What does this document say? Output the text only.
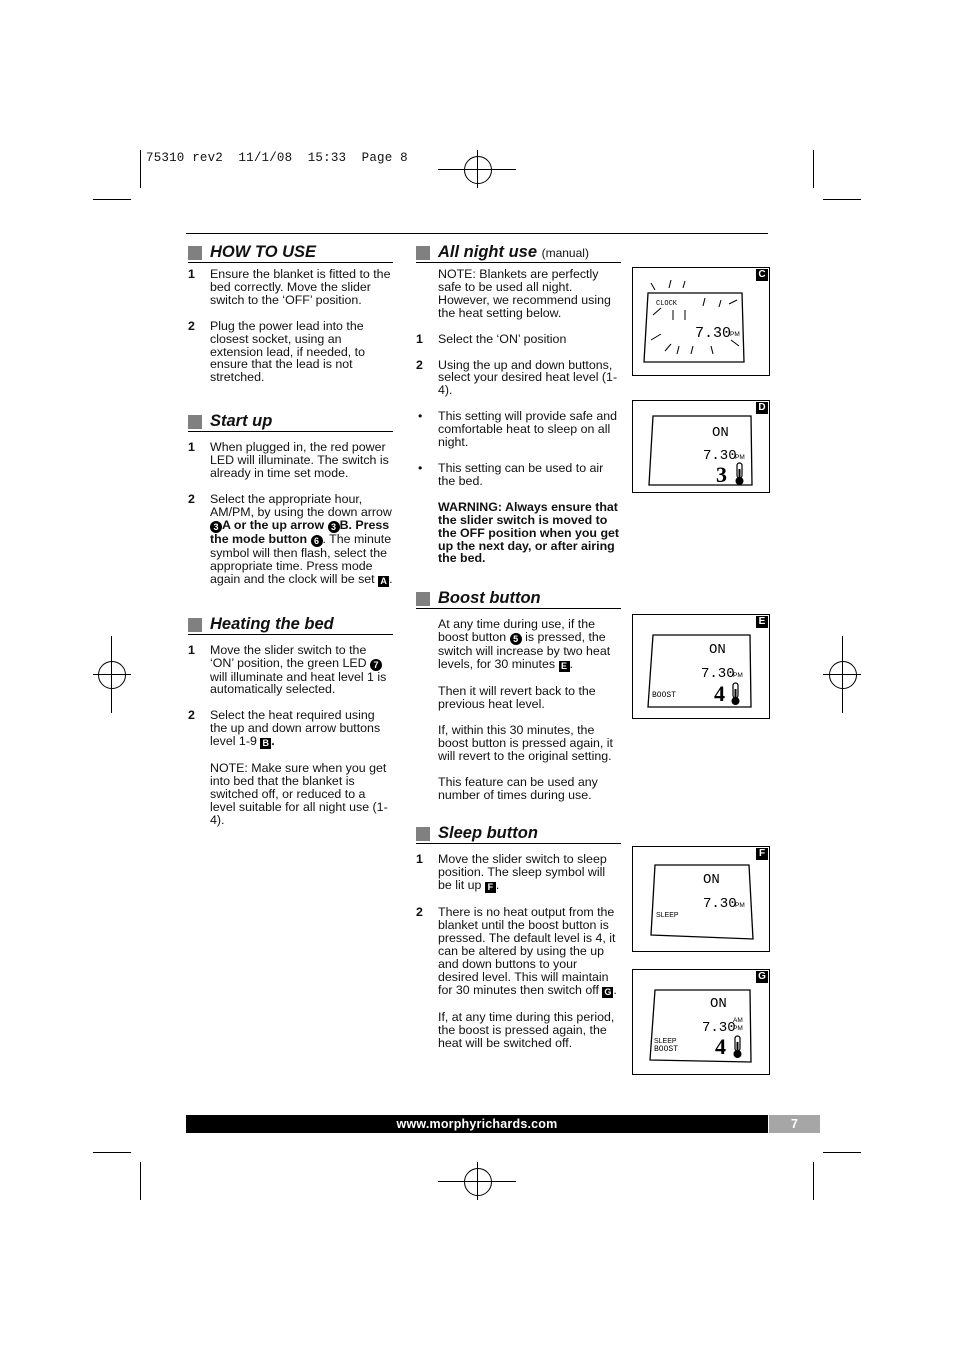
75310 rev2  11/1/08  15:33  Page 8
HOW TO USE
1 Ensure the blanket is fitted to the bed correctly. Move the slider switch to the ‘OFF’ position.
2 Plug the power lead into the closest socket, using an extension lead, if needed, to ensure that the lead is not stretched.
Start up
1 When plugged in, the red power LED will illuminate. The switch is already in time set mode.
2 Select the appropriate hour, AM/PM, by using the down arrow 3 A or the up arrow 3 B. Press the mode button 6 . The minute symbol will then flash, select the appropriate time. Press mode again and the clock will be set A .
Heating the bed
1 Move the slider switch to the ‘ON’ position, the green LED 7 will illuminate and heat level 1 is automatically selected.
2 Select the heat required using the up and down arrow buttons level 1-9 B .
NOTE: Make sure when you get into bed that the blanket is switched off, or reduced to a level suitable for all night use (1-4).
All night use (manual)
NOTE: Blankets are perfectly safe to be used all night. However, we recommend using the heat setting below.
1 Select the ‘ON’ position
2 Using the up and down buttons, select your desired heat level (1-4).
• This setting will provide safe and comfortable heat to sleep on all night.
• This setting can be used to air the bed.
WARNING: Always ensure that the slider switch is moved to the OFF position when you get up the next day, or after airing the bed.
Boost button
At any time during use, if the boost button 5 is pressed, the switch will increase by two heat levels, for 30 minutes E .
Then it will revert back to the previous heat level.
If, within this 30 minutes, the boost button is pressed again, it will revert to the original setting.
This feature can be used any number of times during use.
Sleep button
1 Move the slider switch to sleep position. The sleep symbol will be lit up F .
2 There is no heat output from the blanket until the boost button is pressed. The default level is 4, it can be altered by using the up and down buttons to your desired level. This will maintain for 30 minutes then switch off G .
If, at any time during this period, the boost is pressed again, the heat will be switched off.
CLOCK
7.30
PM
C
ON
7.30
PM
3
D
ON
7.30
PM
BOOST 4
E
ON
7.30
PM
SLEEP
F
ON
7.30
AM
PM
SLEEP
BOOST 4
G
www.morphyrichards.com	7
